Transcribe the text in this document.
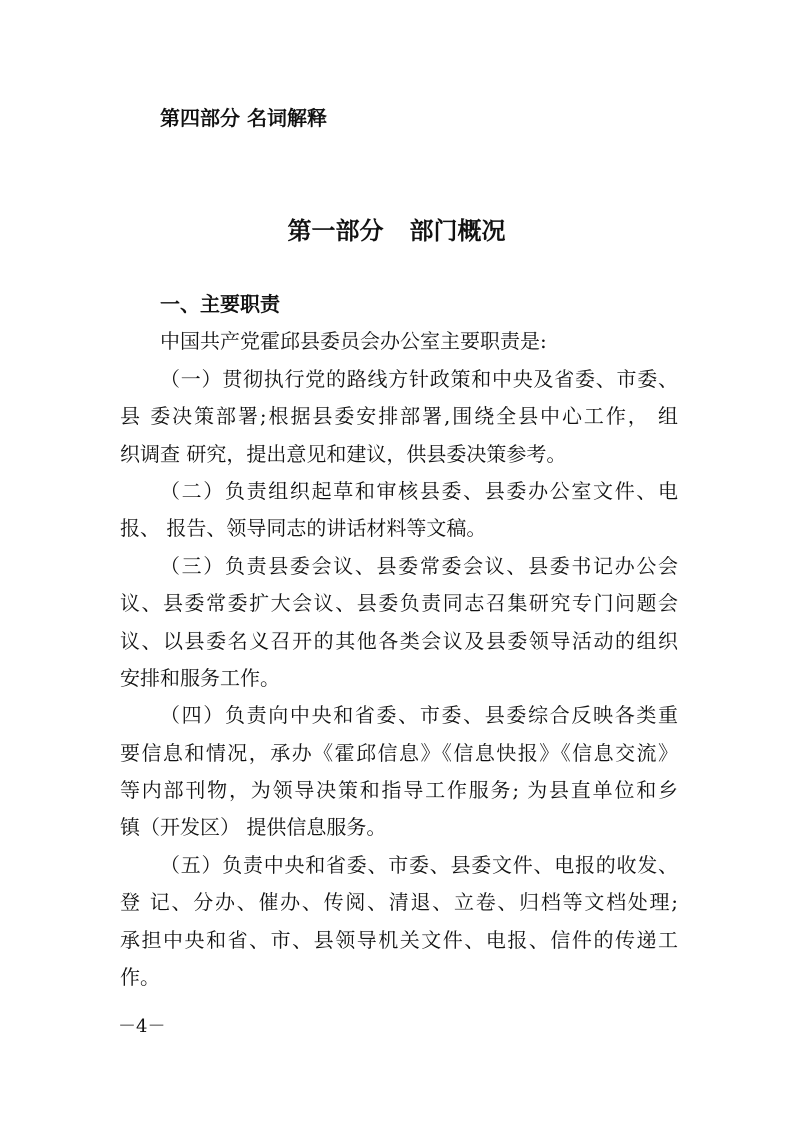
第四部分 名词解释
第一部分 部门概况
一、主要职责
中国共产党霍邱县委员会办公室主要职责是:
（一）贯彻执行党的路线方针政策和中央及省委、市委、
县 委决策部署;根据县委安排部署,围绕全县中心工作， 组
织调查 研究，提出意见和建议，供县委决策参考。
（二）负责组织起草和审核县委、县委办公室文件、电
报、 报告、领导同志的讲话材料等文稿。
（三）负责县委会议、县委常委会议、县委书记办公会
议、县委常委扩大会议、县委负责同志召集研究专门问题会
议、以县委名义召开的其他各类会议及县委领导活动的组织
安排和服务工作。
（四）负责向中央和省委、市委、县委综合反映各类重
要信息和情况，承办《霍邱信息》《信息快报》《信息交流》
等内部刊物，为领导决策和指导工作服务; 为县直单位和乡
镇（开发区） 提供信息服务。
（五）负责中央和省委、市委、县委文件、电报的收发、
登 记、分办、催办、传阅、清退、立卷、归档等文档处理;
承担中央和省、市、县领导机关文件、电报、信件的传递工
作。
－4－
